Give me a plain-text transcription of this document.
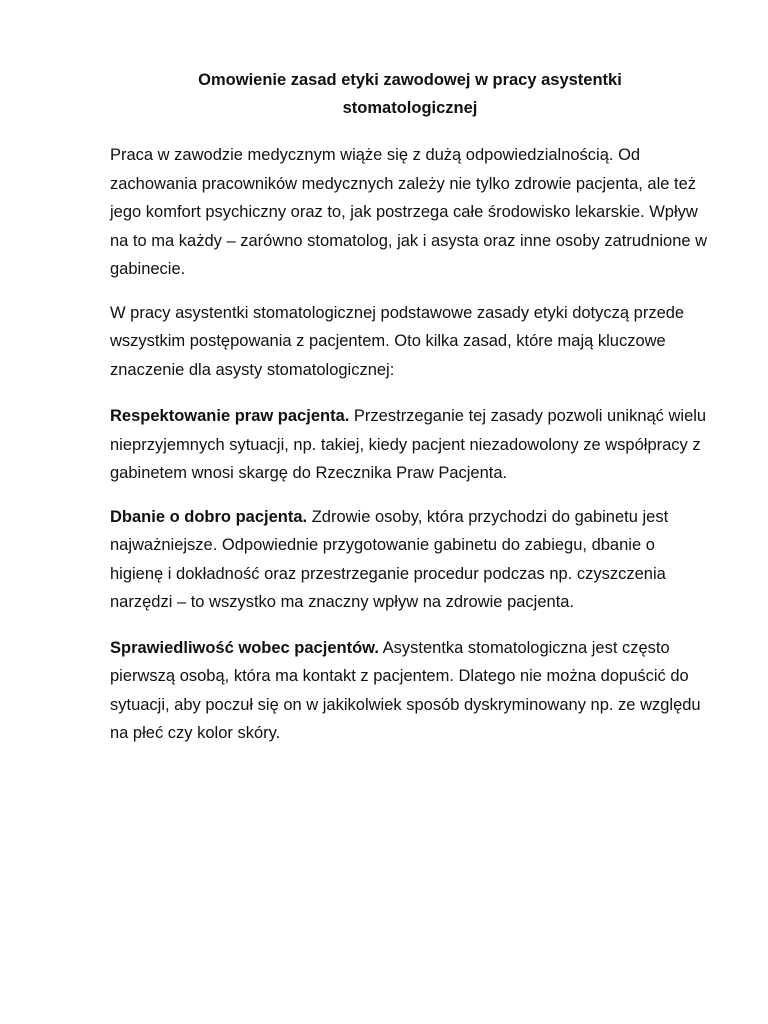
Omowienie zasad etyki zawodowej w pracy asystentki
stomatologicznej

Praca w zawodzie medycznym wiąże się z dużą odpowiedzialnością. Od zachowania pracowników medycznych zależy nie tylko zdrowie pacjenta, ale też jego komfort psychiczny oraz to, jak postrzega całe środowisko lekarskie. Wpływ na to ma każdy – zarówno stomatolog, jak i asysta oraz inne osoby zatrudnione w gabinecie.

W pracy asystentki stomatologicznej podstawowe zasady etyki dotyczą przede wszystkim postępowania z pacjentem. Oto kilka zasad, które mają kluczowe znaczenie dla asysty stomatologicznej:

Respektowanie praw pacjenta. Przestrzeganie tej zasady pozwoli uniknąć wielu nieprzyjemnych sytuacji, np. takiej, kiedy pacjent niezadowolony ze współpracy z gabinetem wnosi skargę do Rzecznika Praw Pacjenta.

Dbanie o dobro pacjenta. Zdrowie osoby, która przychodzi do gabinetu jest najważniejsze. Odpowiednie przygotowanie gabinetu do zabiegu, dbanie o higienę i dokładność oraz przestrzeganie procedur podczas np. czyszczenia narzędzi – to wszystko ma znaczny wpływ na zdrowie pacjenta.

Sprawiedliwość wobec pacjentów. Asystentka stomatologiczna jest często pierwszą osobą, która ma kontakt z pacjentem. Dlatego nie można dopuścić do sytuacji, aby poczuł się on w jakikolwiek sposób dyskryminowany np. ze względu na płeć czy kolor skóry.
